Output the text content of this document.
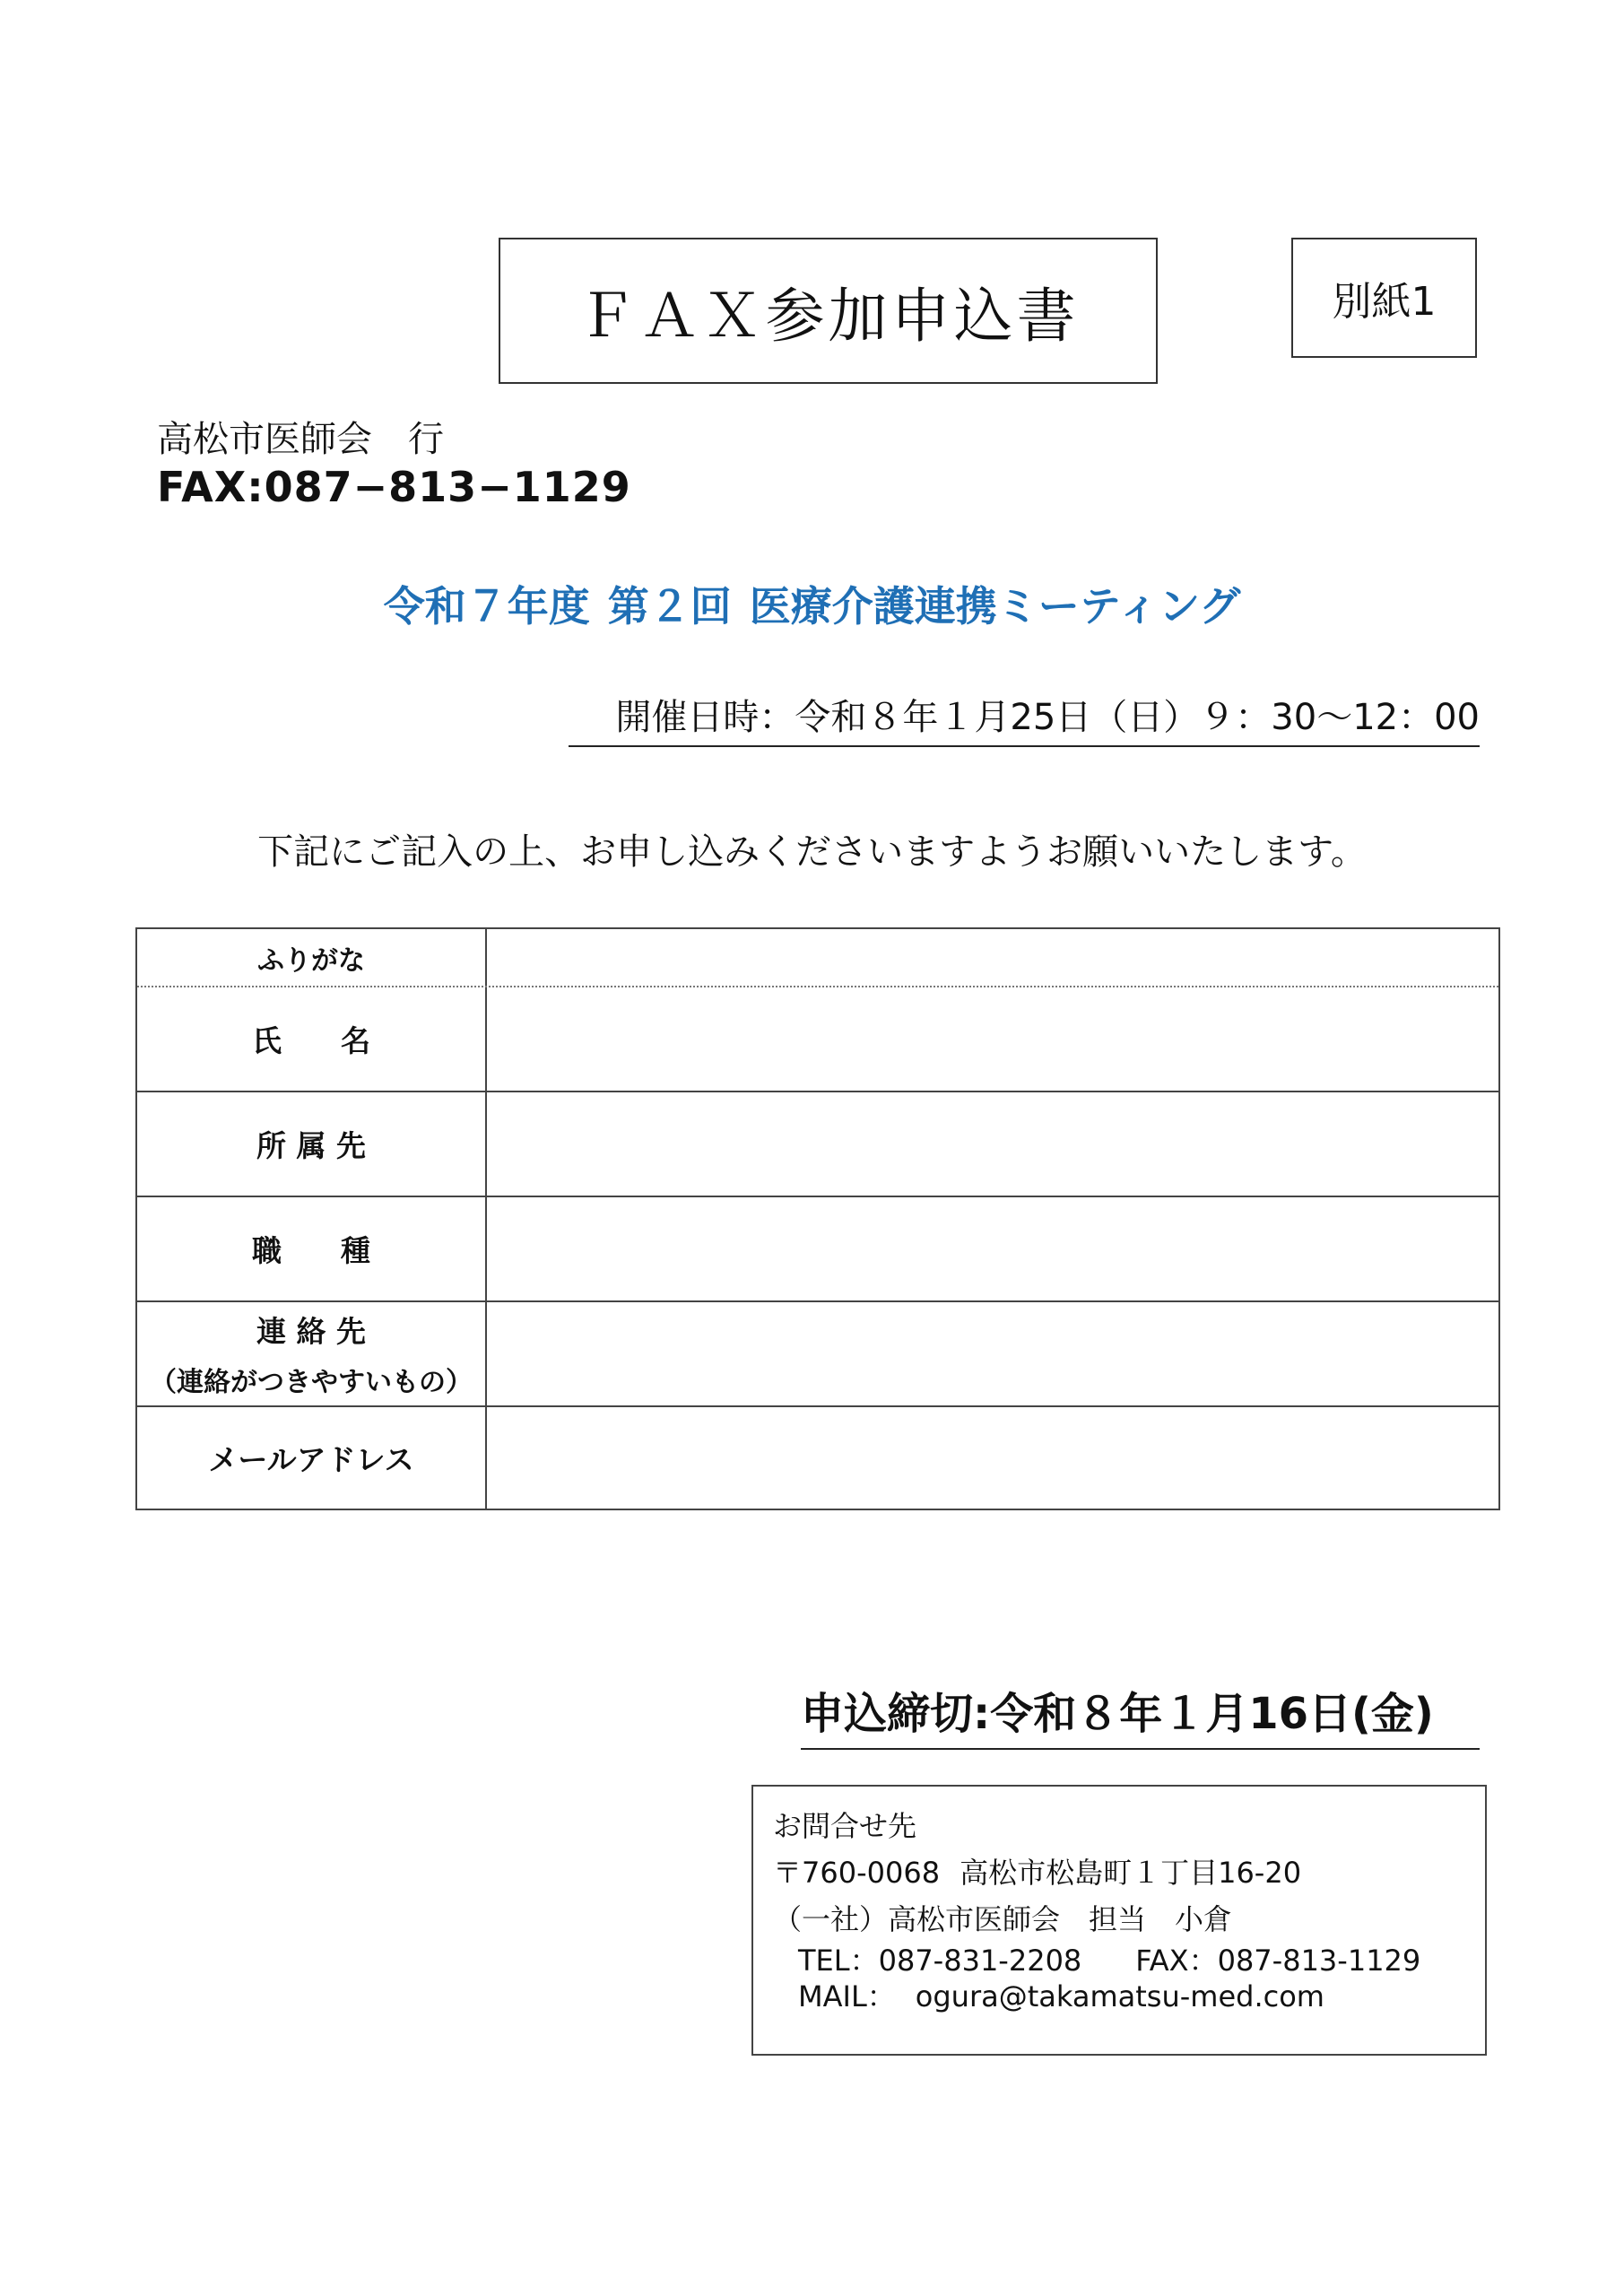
ＦＡＸ参加申込書	別紙1
高松市医師会　行
FAX:087−813−1129
令和７年度 第２回 医療介護連携ミーティング
開催日時：令和８年１月25日（日）９：30〜12：00
下記にご記入の上、お申し込みくださいますようお願いいたします。
ふりがな
氏　　名
所 属 先
職　　種
連 絡 先
（連絡がつきやすいもの）
メールアドレス
申込締切:令和８年１月16日(金)
お問合せ先
〒760-0068 高松市松島町１丁目16-20
（一社）高松市医師会　担当　小倉
TEL：087-831-2208 FAX：087-813-1129
MAIL： ogura@takamatsu-med.com
